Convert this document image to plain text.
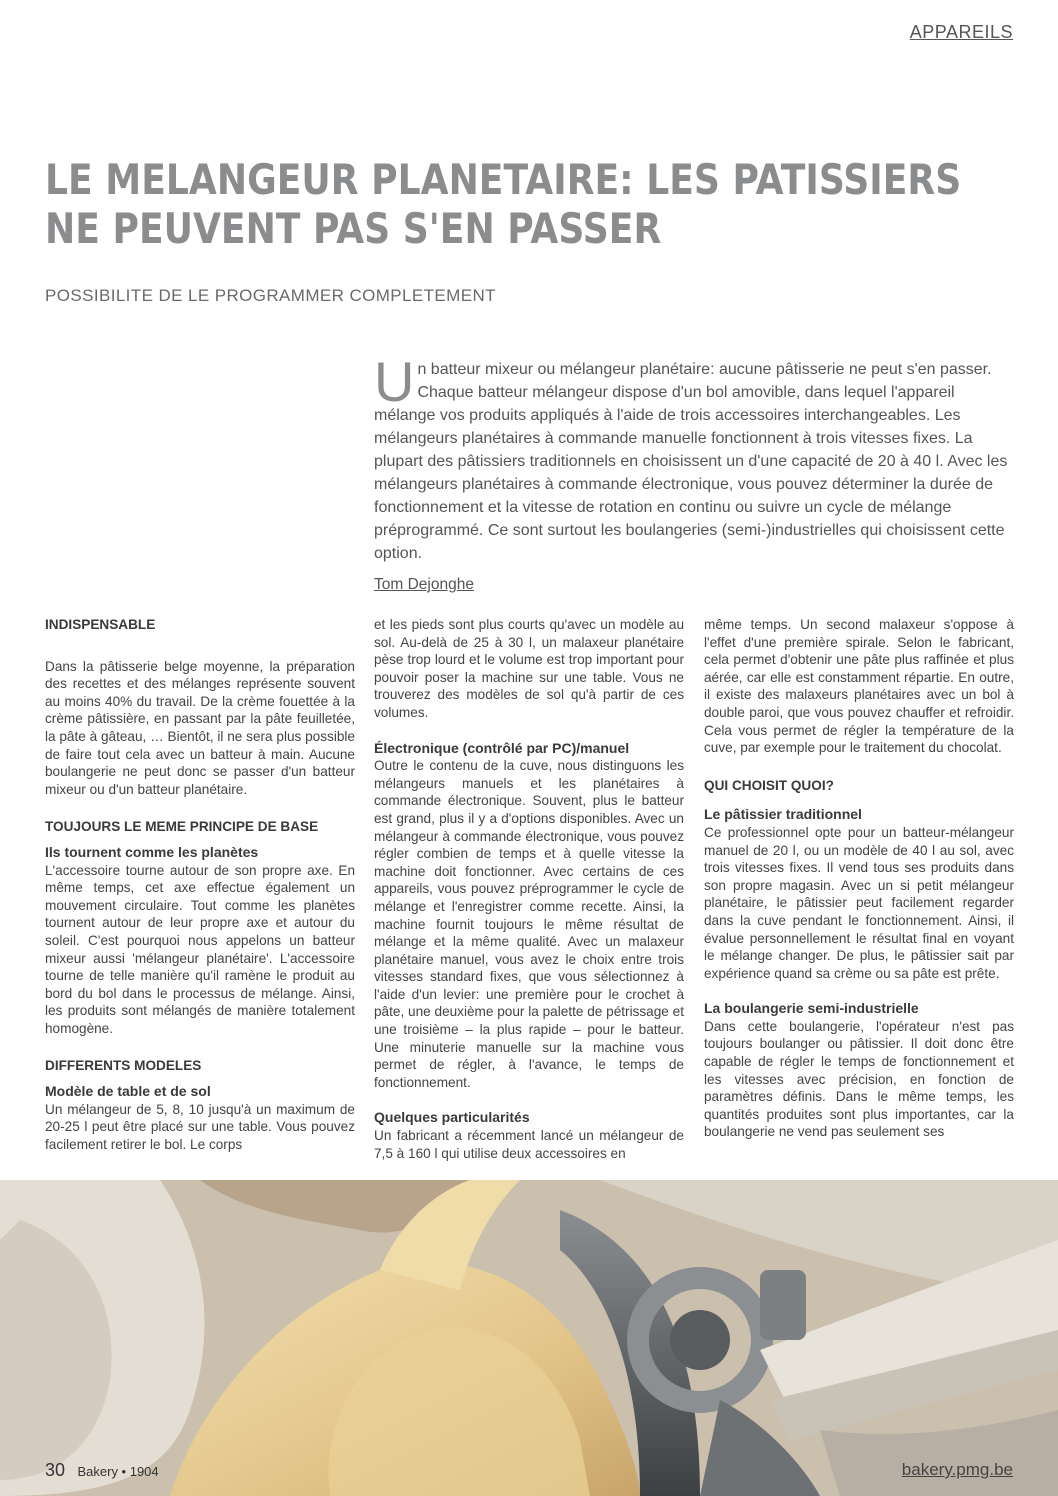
APPAREILS
LE MELANGEUR PLANETAIRE: LES PATISSIERS
NE PEUVENT PAS S'EN PASSER
POSSIBILITE DE LE PROGRAMMER COMPLETEMENT
U n batteur mixeur ou mélangeur planétaire: aucune pâtisserie ne peut s'en passer. Chaque batteur mélangeur dispose d'un bol amovible, dans lequel l'appareil mélange vos produits appliqués à l'aide de trois accessoires interchangeables. Les mélangeurs planétaires à commande manuelle fonctionnent à trois vitesses fixes. La plupart des pâtissiers traditionnels en choisissent un d'une capacité de 20 à 40 l. Avec les mélangeurs planétaires à commande électronique, vous pouvez déterminer la durée de fonctionnement et la vitesse de rotation en continu ou suivre un cycle de mélange préprogrammé. Ce sont surtout les boulangeries (semi-)industrielles qui choisissent cette option.
Tom Dejonghe
INDISPENSABLE

Dans la pâtisserie belge moyenne, la préparation des recettes et des mélanges représente souvent au moins 40% du travail. De la crème fouettée à la crème pâtissière, en passant par la pâte feuilletée, la pâte à gâteau, … Bientôt, il ne sera plus possible de faire tout cela avec un batteur à main. Aucune boulangerie ne peut donc se passer d'un batteur mixeur ou d'un batteur planétaire.

TOUJOURS LE MEME PRINCIPE DE BASE
Ils tournent comme les planètes

L'accessoire tourne autour de son propre axe. En même temps, cet axe effectue également un mouvement circulaire. Tout comme les planètes tournent autour de leur propre axe et autour du soleil. C'est pourquoi nous appelons un batteur mixeur aussi 'mélangeur planétaire'. L'accessoire tourne de telle manière qu'il ramène le produit au bord du bol dans le processus de mélange. Ainsi, les produits sont mélangés de manière totalement homogène.

DIFFERENTS MODELES
Modèle de table et de sol

Un mélangeur de 5, 8, 10 jusqu'à un maximum de 20-25 l peut être placé sur une table. Vous pouvez facilement retirer le bol. Le corps

et les pieds sont plus courts qu'avec un modèle au sol. Au-delà de 25 à 30 l, un malaxeur planétaire pèse trop lourd et le volume est trop important pour pouvoir poser la machine sur une table. Vous ne trouverez des modèles de sol qu'à partir de ces volumes.

Électronique (contrôlé par PC)/manuel

Outre le contenu de la cuve, nous distinguons les mélangeurs manuels et les planétaires à commande électronique. Souvent, plus le batteur est grand, plus il y a d'options disponibles. Avec un mélangeur à commande électronique, vous pouvez régler combien de temps et à quelle vitesse la machine doit fonctionner. Avec certains de ces appareils, vous pouvez préprogrammer le cycle de mélange et l'enregistrer comme recette. Ainsi, la machine fournit toujours le même résultat de mélange et la même qualité. Avec un malaxeur planétaire manuel, vous avez le choix entre trois vitesses standard fixes, que vous sélectionnez à l'aide d'un levier: une première pour le crochet à pâte, une deuxième pour la palette de pétrissage et une troisième – la plus rapide – pour le batteur. Une minuterie manuelle sur la machine vous permet de régler, à l'avance, le temps de fonctionnement.

Quelques particularités

Un fabricant a récemment lancé un mélangeur de 7,5 à 160 l qui utilise deux accessoires en

même temps. Un second malaxeur s'oppose à l'effet d'une première spirale. Selon le fabricant, cela permet d'obtenir une pâte plus raffinée et plus aérée, car elle est constamment répartie. En outre, il existe des malaxeurs planétaires avec un bol à double paroi, que vous pouvez chauffer et refroidir. Cela vous permet de régler la température de la cuve, par exemple pour le traitement du chocolat.

QUI CHOISIT QUOI?
Le pâtissier traditionnel

Ce professionnel opte pour un batteur-mélangeur manuel de 20 l, ou un modèle de 40 l au sol, avec trois vitesses fixes. Il vend tous ses produits dans son propre magasin. Avec un si petit mélangeur planétaire, le pâtissier peut facilement regarder dans la cuve pendant le fonctionnement. Ainsi, il évalue personnellement le résultat final en voyant le mélange changer. De plus, le pâtissier sait par expérience quand sa crème ou sa pâte est prête.

La boulangerie semi-industrielle

Dans cette boulangerie, l'opérateur n'est pas toujours boulanger ou pâtissier. Il doit donc être capable de régler le temps de fonctionnement et les vitesses avec précision, en fonction de paramètres définis. Dans le même temps, les quantités produites sont plus importantes, car la boulangerie ne vend pas seulement ses

30 Bakery • 1904	bakery.pmg.be
